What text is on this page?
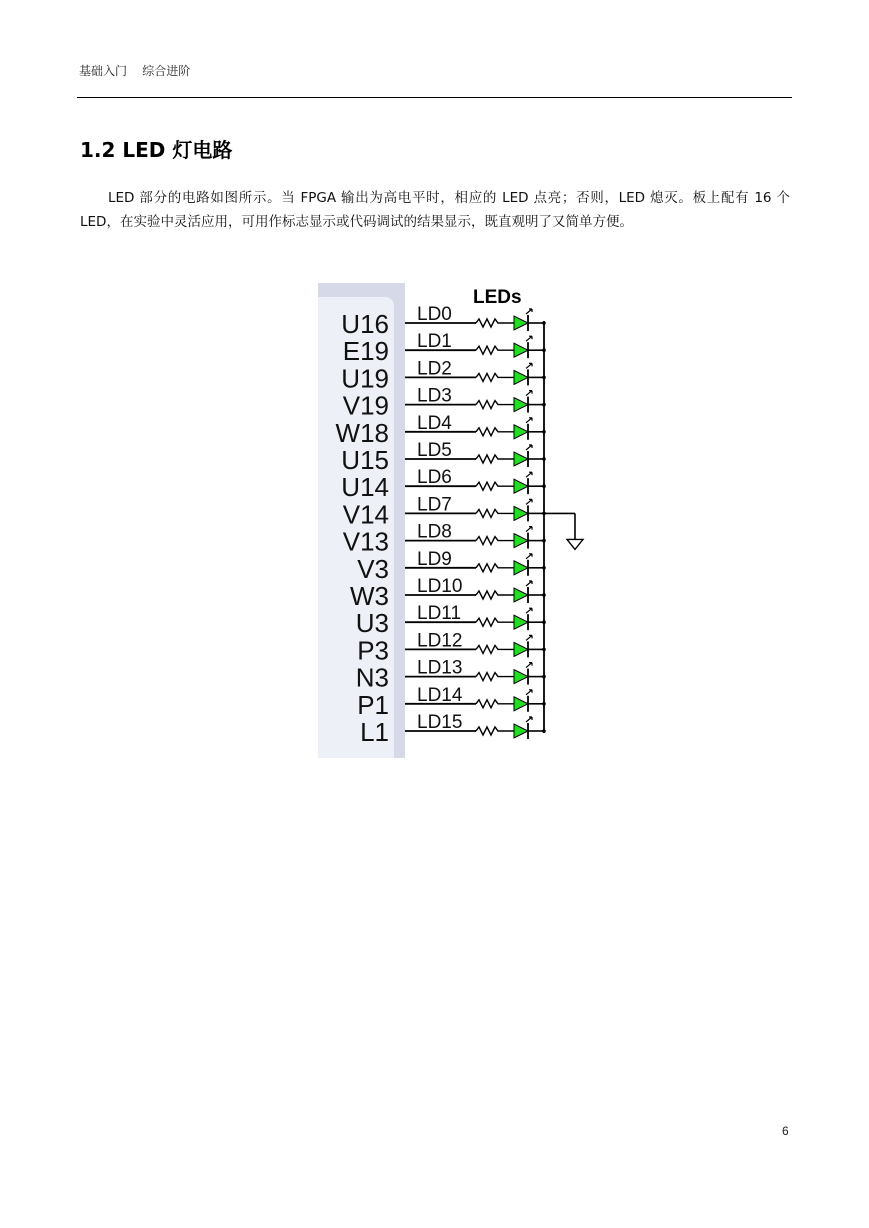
基础入门    综合进阶
1.2 LED 灯电路

LED 部分的电路如图所示。当 FPGA 输出为高电平时，相应的 LED 点亮；否则，LED 熄灭。板上配有 16 个 LED，在实验中灵活应用，可用作标志显示或代码调试的结果显示，既直观明了又简单方便。

LEDs
U16 LD0
E19 LD1
U19 LD2
V19 LD3
W18 LD4
U15 LD5
U14 LD6
V14 LD7
V13 LD8
V3 LD9
W3 LD10
U3 LD11
P3 LD12
N3 LD13
P1 LD14
L1 LD15
6
